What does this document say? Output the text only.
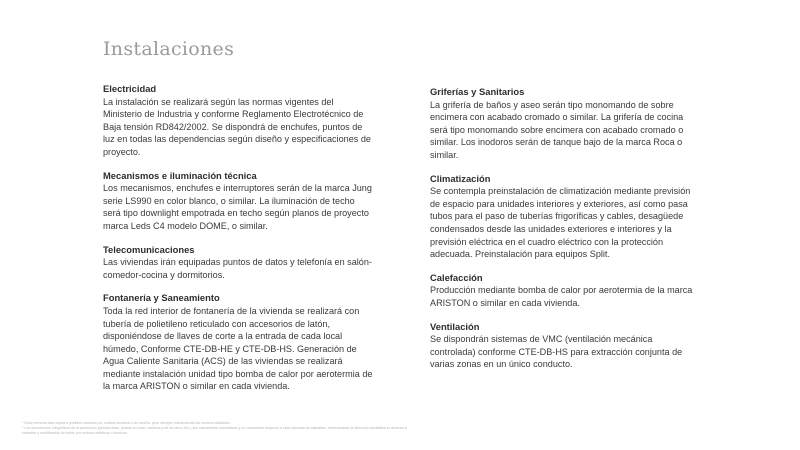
Instalaciones
Electricidad

La instalación se realizará según las normas vigentes del Ministerio de Industria y conforme Reglamento Electrotécnico de Baja tensión RD842/2002. Se dispondrá de enchufes, puntos de luz en todas las dependencias según diseño y especificaciones de proyecto.

Mecanismos e iluminación técnica

Los mecanismos, enchufes e interruptores serán de la marca Jung serie LS990 en color blanco, o similar. La iluminación de techo será tipo downlight empotrada en techo según planos de proyecto marca Leds C4 modelo DOME, o similar.

Telecomunicaciones

Las viviendas irán equipadas puntos de datos y telefonía en salón-comedor-cocina y dormitorios.

Fontanería y Saneamiento

Toda la red interior de fontanería de la vivienda se realizará con tubería de polietileno reticulado con accesorios de latón, disponiéndose de llaves de corte a la entrada de cada local húmedo, Conforme CTE-DB-HE y CTE-DB-HS. Generación de Agua Caliente Sanitaria (ACS) de las viviendas se realizará mediante instalación unidad tipo bomba de calor por aerotermia de la marca ARISTON o similar en cada vivienda.

Griferías y Sanitarios

La grifería de baños y aseo serán tipo monomando de sobre encimera con acabado cromado o similar. La grifería de cocina será tipo monomando sobre encimera con acabado cromado o similar. Los inodoros serán de tanque bajo de la marca Roca o similar.

Climatización

Se contempla preinstalación de climatización mediante previsión de espacio para unidades interiores y exteriores, así como pasa tubos para el paso de tuberías frigoríficas y cables, desagüede condensados desde las unidades exteriores e interiores y la previsión eléctrica en el cuadro eléctrico con la protección adecuada. Preinstalación para equipos Split.

Calefacción

Producción mediante bomba de calor por aerotermia de la marca ARISTON o similar en cada vivienda.

Ventilación

Se dispondrán sistemas de VMC (ventilación mecánica controlada) conforme CTE-DB-HS para extracción conjunta de varias zonas en un único conducto.

* Esta memoria está sujeta a posibles cambios por motivos técnicos o de diseño, pero siempre manteniendo los mismos calidades.

* Los documentos infográficos de la promoción (perspectivas, planos en color, cambios y de de obra, etc.), son únicamente orientativos y no vinculantes respecto a esta memoria de calidades, reservándose la dirección facultativa el derecho a variación y modificación de estos por motivos estéticos o técnicos.
